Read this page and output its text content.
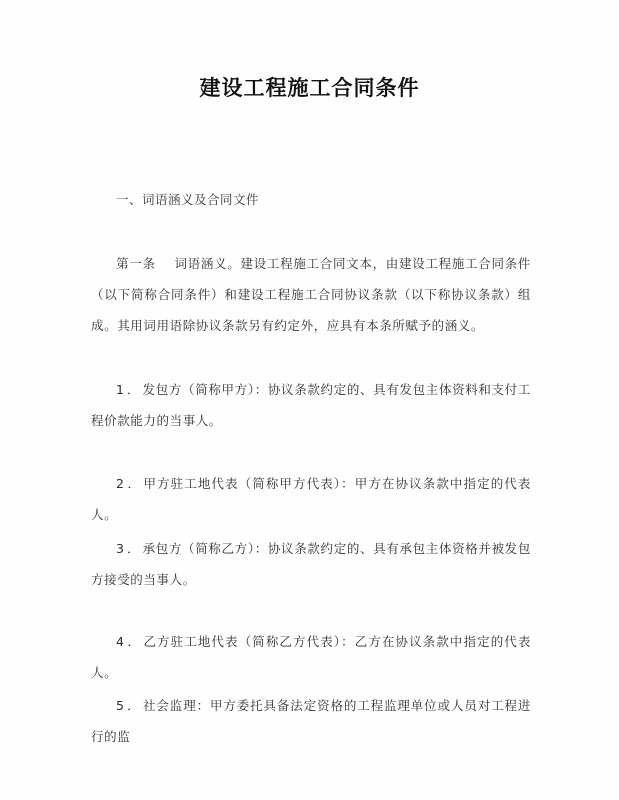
建设工程施工合同条件
一、词语涵义及合同文件
第一条 词语涵义。建设工程施工合同文本，由建设工程施工合同条件（以下简称合同条件）和建设工程施工合同协议条款（以下称协议条款）组成。其用词用语除协议条款另有约定外，应具有本条所赋予的涵义。
1．发包方（简称甲方）：协议条款约定的、具有发包主体资料和支付工程价款能力的当事人。
2．甲方驻工地代表（简称甲方代表）：甲方在协议条款中指定的代表人。
3．承包方（简称乙方）：协议条款约定的、具有承包主体资格并被发包方接受的当事人。
4．乙方驻工地代表（简称乙方代表）：乙方在协议条款中指定的代表人。
5．社会监理：甲方委托具备法定资格的工程监理单位或人员对工程进行的监
